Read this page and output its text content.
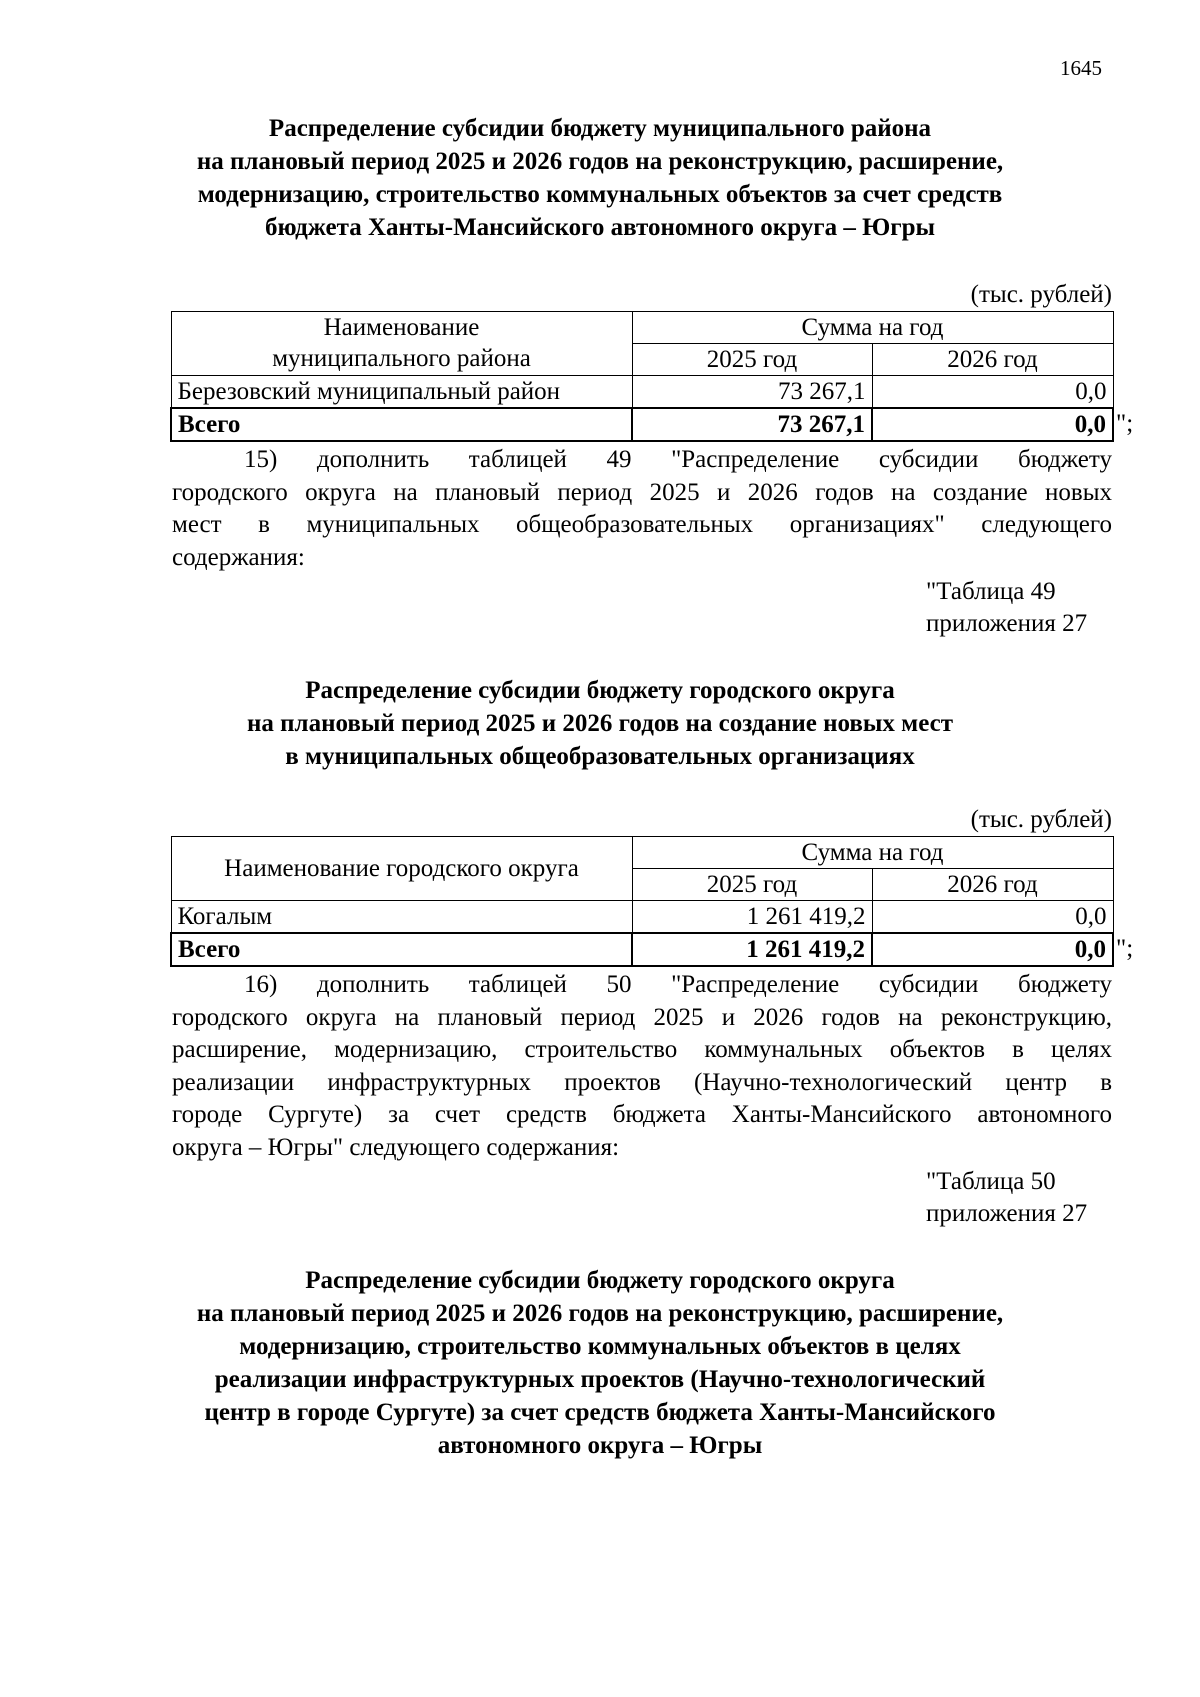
1645
Распределение субсидии бюджету муниципального района
на плановый период 2025 и 2026 годов на реконструкцию, расширение,
модернизацию, строительство коммунальных объектов за счет средств
бюджета Ханты-Мансийского автономного округа – Югры
(тыс. рублей)
Наименование	Сумма на год	
муниципального района	2025 год	2026 год
Березовский муниципальный район	73 267,1	0,0
Всего	73 267,1	0,0 ";
15) дополнить таблицей 49 "Распределение субсидии бюджету
городского округа на плановый период 2025 и 2026 годов на создание новых
мест в муниципальных общеобразовательных организациях" следующего
содержания:
"Таблица 49
приложения 27
Распределение субсидии бюджету городского округа
на плановый период 2025 и 2026 годов на создание новых мест
в муниципальных общеобразовательных организациях
(тыс. рублей)
Наименование городского округа	Сумма на год	
	2025 год	2026 год
Когалым	1 261 419,2	0,0
Всего	1 261 419,2	0,0 ";
16) дополнить таблицей 50 "Распределение субсидии бюджету
городского округа на плановый период 2025 и 2026 годов на реконструкцию,
расширение, модернизацию, строительство коммунальных объектов в целях
реализации инфраструктурных проектов (Научно-технологический центр в
городе Сургуте) за счет средств бюджета Ханты-Мансийского автономного
округа – Югры" следующего содержания:
"Таблица 50
приложения 27
Распределение субсидии бюджету городского округа
на плановый период 2025 и 2026 годов на реконструкцию, расширение,
модернизацию, строительство коммунальных объектов в целях
реализации инфраструктурных проектов (Научно-технологический
центр в городе Сургуте) за счет средств бюджета Ханты-Мансийского
автономного округа – Югры
